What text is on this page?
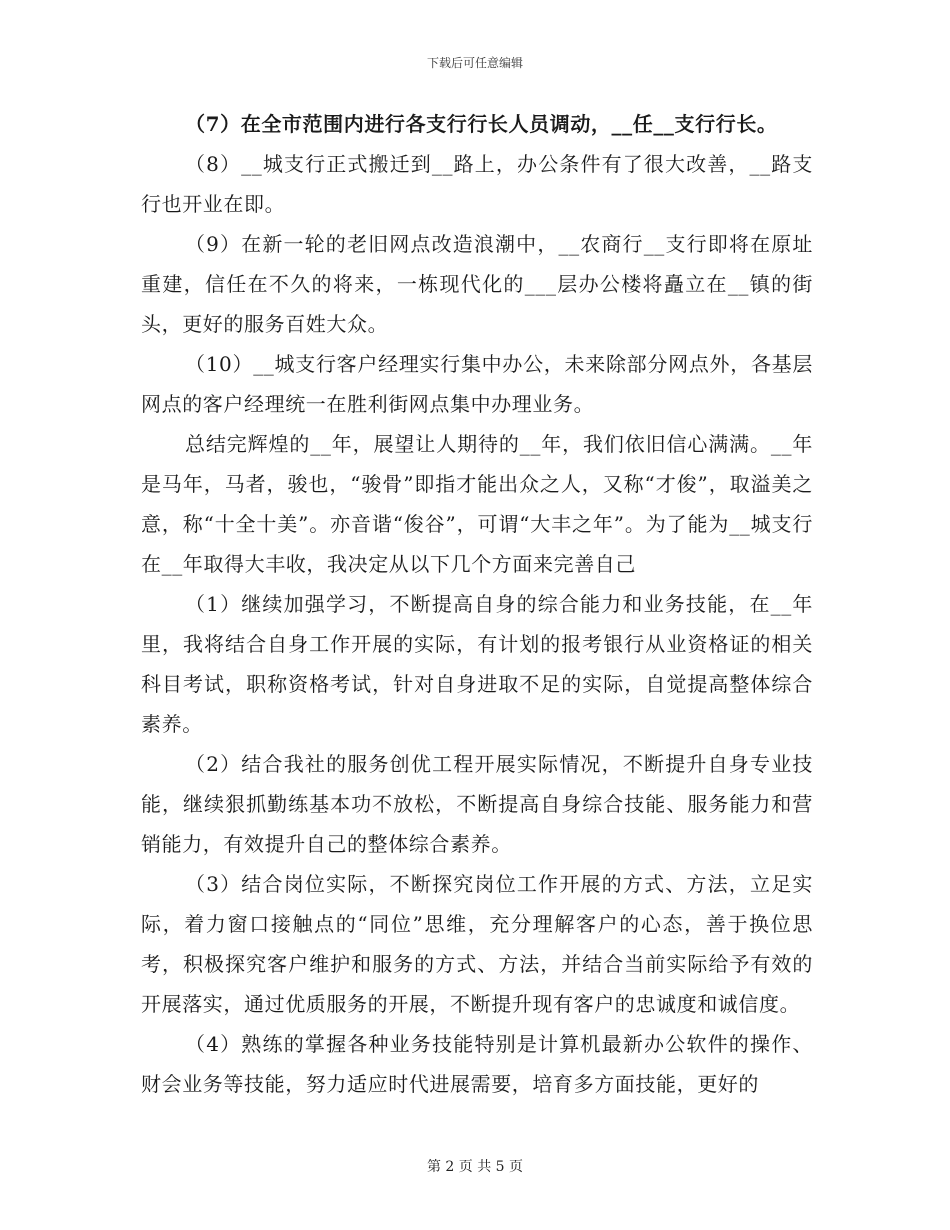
下载后可任意编辑

（7）在全市范围内进行各支行行长人员调动，__任__支行行长。

（8）__城支行正式搬迁到__路上，办公条件有了很大改善，__路支行也开业在即。

（9）在新一轮的老旧网点改造浪潮中，__农商行__支行即将在原址重建，信任在不久的将来，一栋现代化的___层办公楼将矗立在__镇的街头，更好的服务百姓大众。

（10）__城支行客户经理实行集中办公，未来除部分网点外，各基层网点的客户经理统一在胜利街网点集中办理业务。

总结完辉煌的__年，展望让人期待的__年，我们依旧信心满满。__年是马年，马者，骏也，“骏骨”即指才能出众之人，又称“才俊”，取溢美之意，称“十全十美”。亦音谐“俊谷”，可谓“大丰之年”。为了能为__城支行在__年取得大丰收，我决定从以下几个方面来完善自己

（1）继续加强学习，不断提高自身的综合能力和业务技能，在__年里，我将结合自身工作开展的实际，有计划的报考银行从业资格证的相关科目考试，职称资格考试，针对自身进取不足的实际，自觉提高整体综合素养。

（2）结合我社的服务创优工程开展实际情况，不断提升自身专业技能，继续狠抓勤练基本功不放松，不断提高自身综合技能、服务能力和营销能力，有效提升自己的整体综合素养。

（3）结合岗位实际，不断探究岗位工作开展的方式、方法，立足实际，着力窗口接触点的“同位”思维，充分理解客户的心态，善于换位思考，积极探究客户维护和服务的方式、方法，并结合当前实际给予有效的开展落实，通过优质服务的开展，不断提升现有客户的忠诚度和诚信度。

（4）熟练的掌握各种业务技能特别是计算机最新办公软件的操作、财会业务等技能，努力适应时代进展需要，培育多方面技能，更好的

第 2 页 共 5 页
